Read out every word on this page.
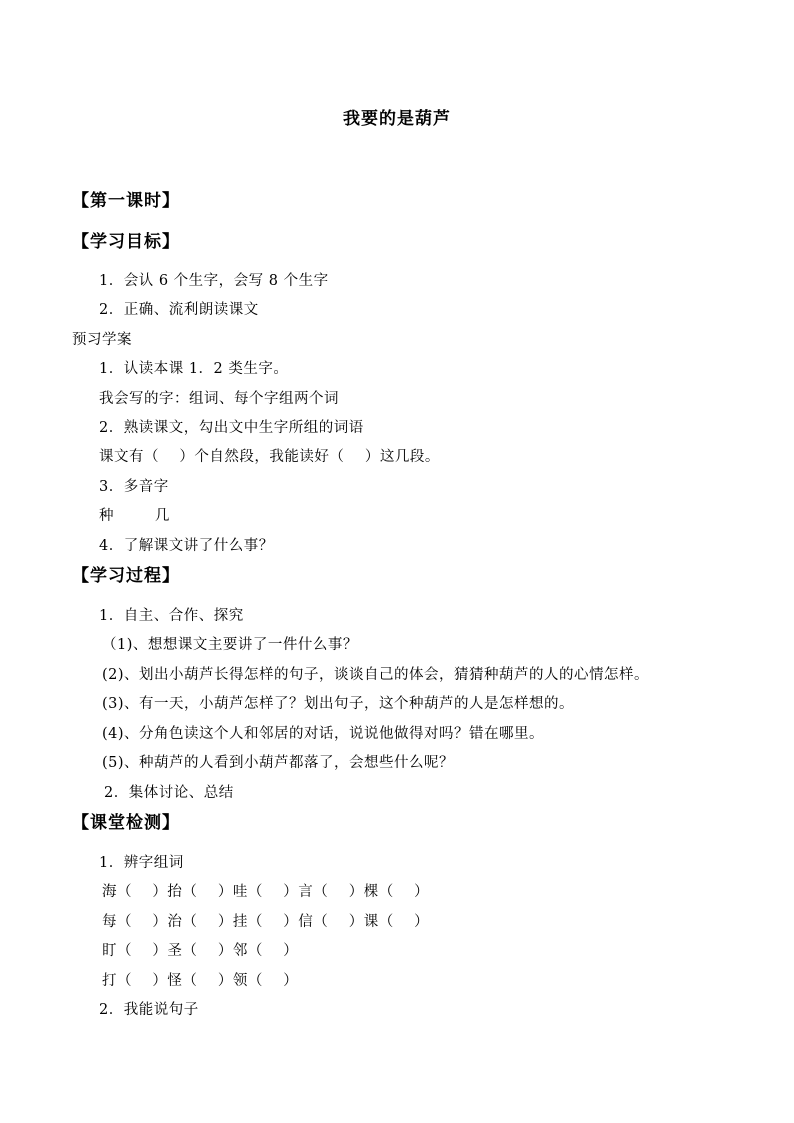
我要的是葫芦
【第一课时】
【学习目标】
1．会认 6 个生字，会写 8 个生字
2．正确、流利朗读课文
预习学案
1．认读本课 1．2 类生字。
我会写的字：组词、每个字组两个词
2．熟读课文，勾出文中生字所组的词语
课文有（    ）个自然段，我能读好（    ）这几段。
3．多音字
种        几
4．了解课文讲了什么事？
【学习过程】
1．自主、合作、探究
（1)、想想课文主要讲了一件什么事？
(2)、划出小葫芦长得怎样的句子，谈谈自己的体会，猜猜种葫芦的人的心情怎样。
(3)、有一天，小葫芦怎样了？划出句子，这个种葫芦的人是怎样想的。
(4)、分角色读这个人和邻居的对话，说说他做得对吗？错在哪里。
(5)、种葫芦的人看到小葫芦都落了，会想些什么呢？
2．集体讨论、总结
【课堂检测】
1．辨字组词
海（    ）抬（    ）哇（    ）言（    ）棵（    ）
每（    ）治（    ）挂（    ）信（    ）课（    ）
盯（    ）圣（    ）邻（    ）
打（    ）怪（    ）领（    ）
2．我能说句子
